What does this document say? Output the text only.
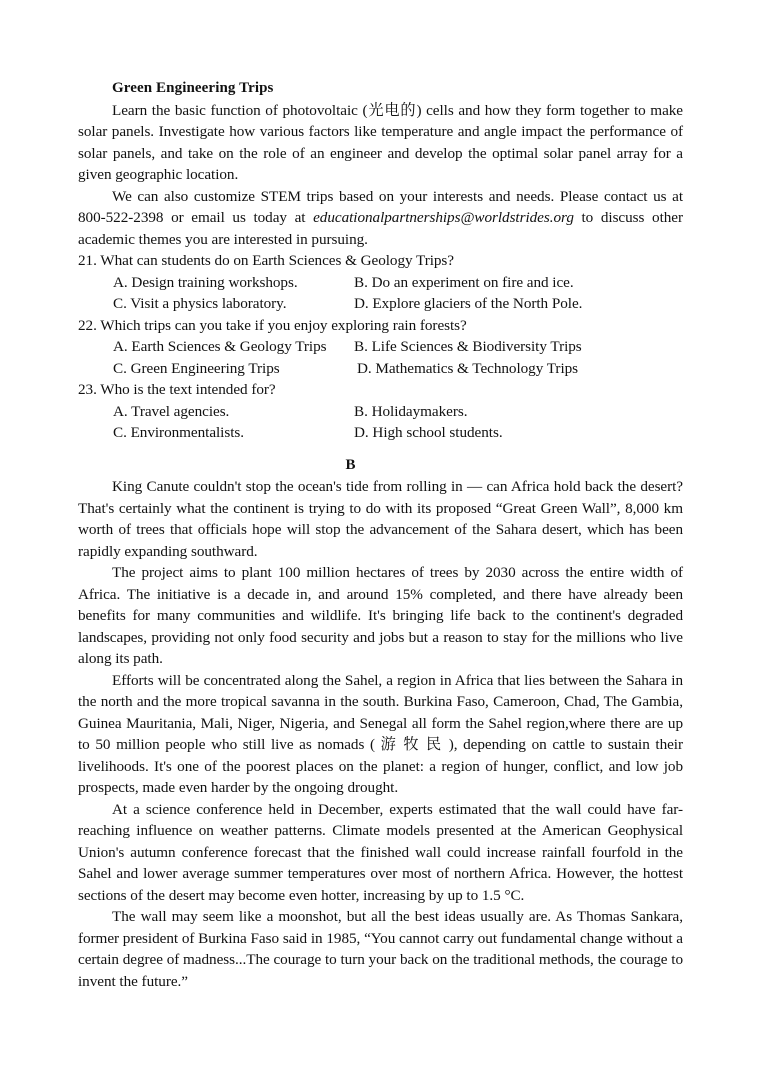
Green Engineering Trips

Learn the basic function of photovoltaic (光电的) cells and how they form together to make solar panels. Investigate how various factors like temperature and angle impact the performance of solar panels, and take on the role of an engineer and develop the optimal solar panel array for a given geographic location.

We can also customize STEM trips based on your interests and needs. Please contact us at 800-522-2398 or email us today at educationalpartnerships@worldstrides.org to discuss other academic themes you are interested in pursuing.

21. What can students do on Earth Sciences & Geology Trips?
A. Design training workshops.	B. Do an experiment on fire and ice.
C. Visit a physics laboratory.	D. Explore glaciers of the North Pole.
22. Which trips can you take if you enjoy exploring rain forests?
A. Earth Sciences & Geology Trips	B. Life Sciences & Biodiversity Trips
C. Green Engineering Trips	D. Mathematics & Technology Trips
23. Who is the text intended for?
A. Travel agencies.	B. Holidaymakers.
C. Environmentalists.	D. High school students.
B

King Canute couldn't stop the ocean's tide from rolling in — can Africa hold back the desert? That's certainly what the continent is trying to do with its proposed “Great Green Wall”, 8,000 km worth of trees that officials hope will stop the advancement of the Sahara desert, which has been rapidly expanding southward.

The project aims to plant 100 million hectares of trees by 2030 across the entire width of Africa. The initiative is a decade in, and around 15% completed, and there have already been benefits for many communities and wildlife. It's bringing life back to the continent's degraded landscapes, providing not only food security and jobs but a reason to stay for the millions who live along its path.

Efforts will be concentrated along the Sahel, a region in Africa that lies between the Sahara in the north and the more tropical savanna in the south. Burkina Faso, Cameroon, Chad, The Gambia, Guinea Mauritania, Mali, Niger, Nigeria, and Senegal all form the Sahel region,where there are up to 50 million people who still live as nomads ( 游 牧 民 ), depending on cattle to sustain their livelihoods. It's one of the poorest places on the planet: a region of hunger, conflict, and low job prospects, made even harder by the ongoing drought.

At a science conference held in December, experts estimated that the wall could have far-reaching influence on weather patterns. Climate models presented at the American Geophysical Union's autumn conference forecast that the finished wall could increase rainfall fourfold in the Sahel and lower average summer temperatures over most of northern Africa. However, the hottest sections of the desert may become even hotter, increasing by up to 1.5 °C.

The wall may seem like a moonshot, but all the best ideas usually are. As Thomas Sankara, former president of Burkina Faso said in 1985, “You cannot carry out fundamental change without a certain degree of madness...The courage to turn your back on the traditional methods, the courage to invent the future.”
